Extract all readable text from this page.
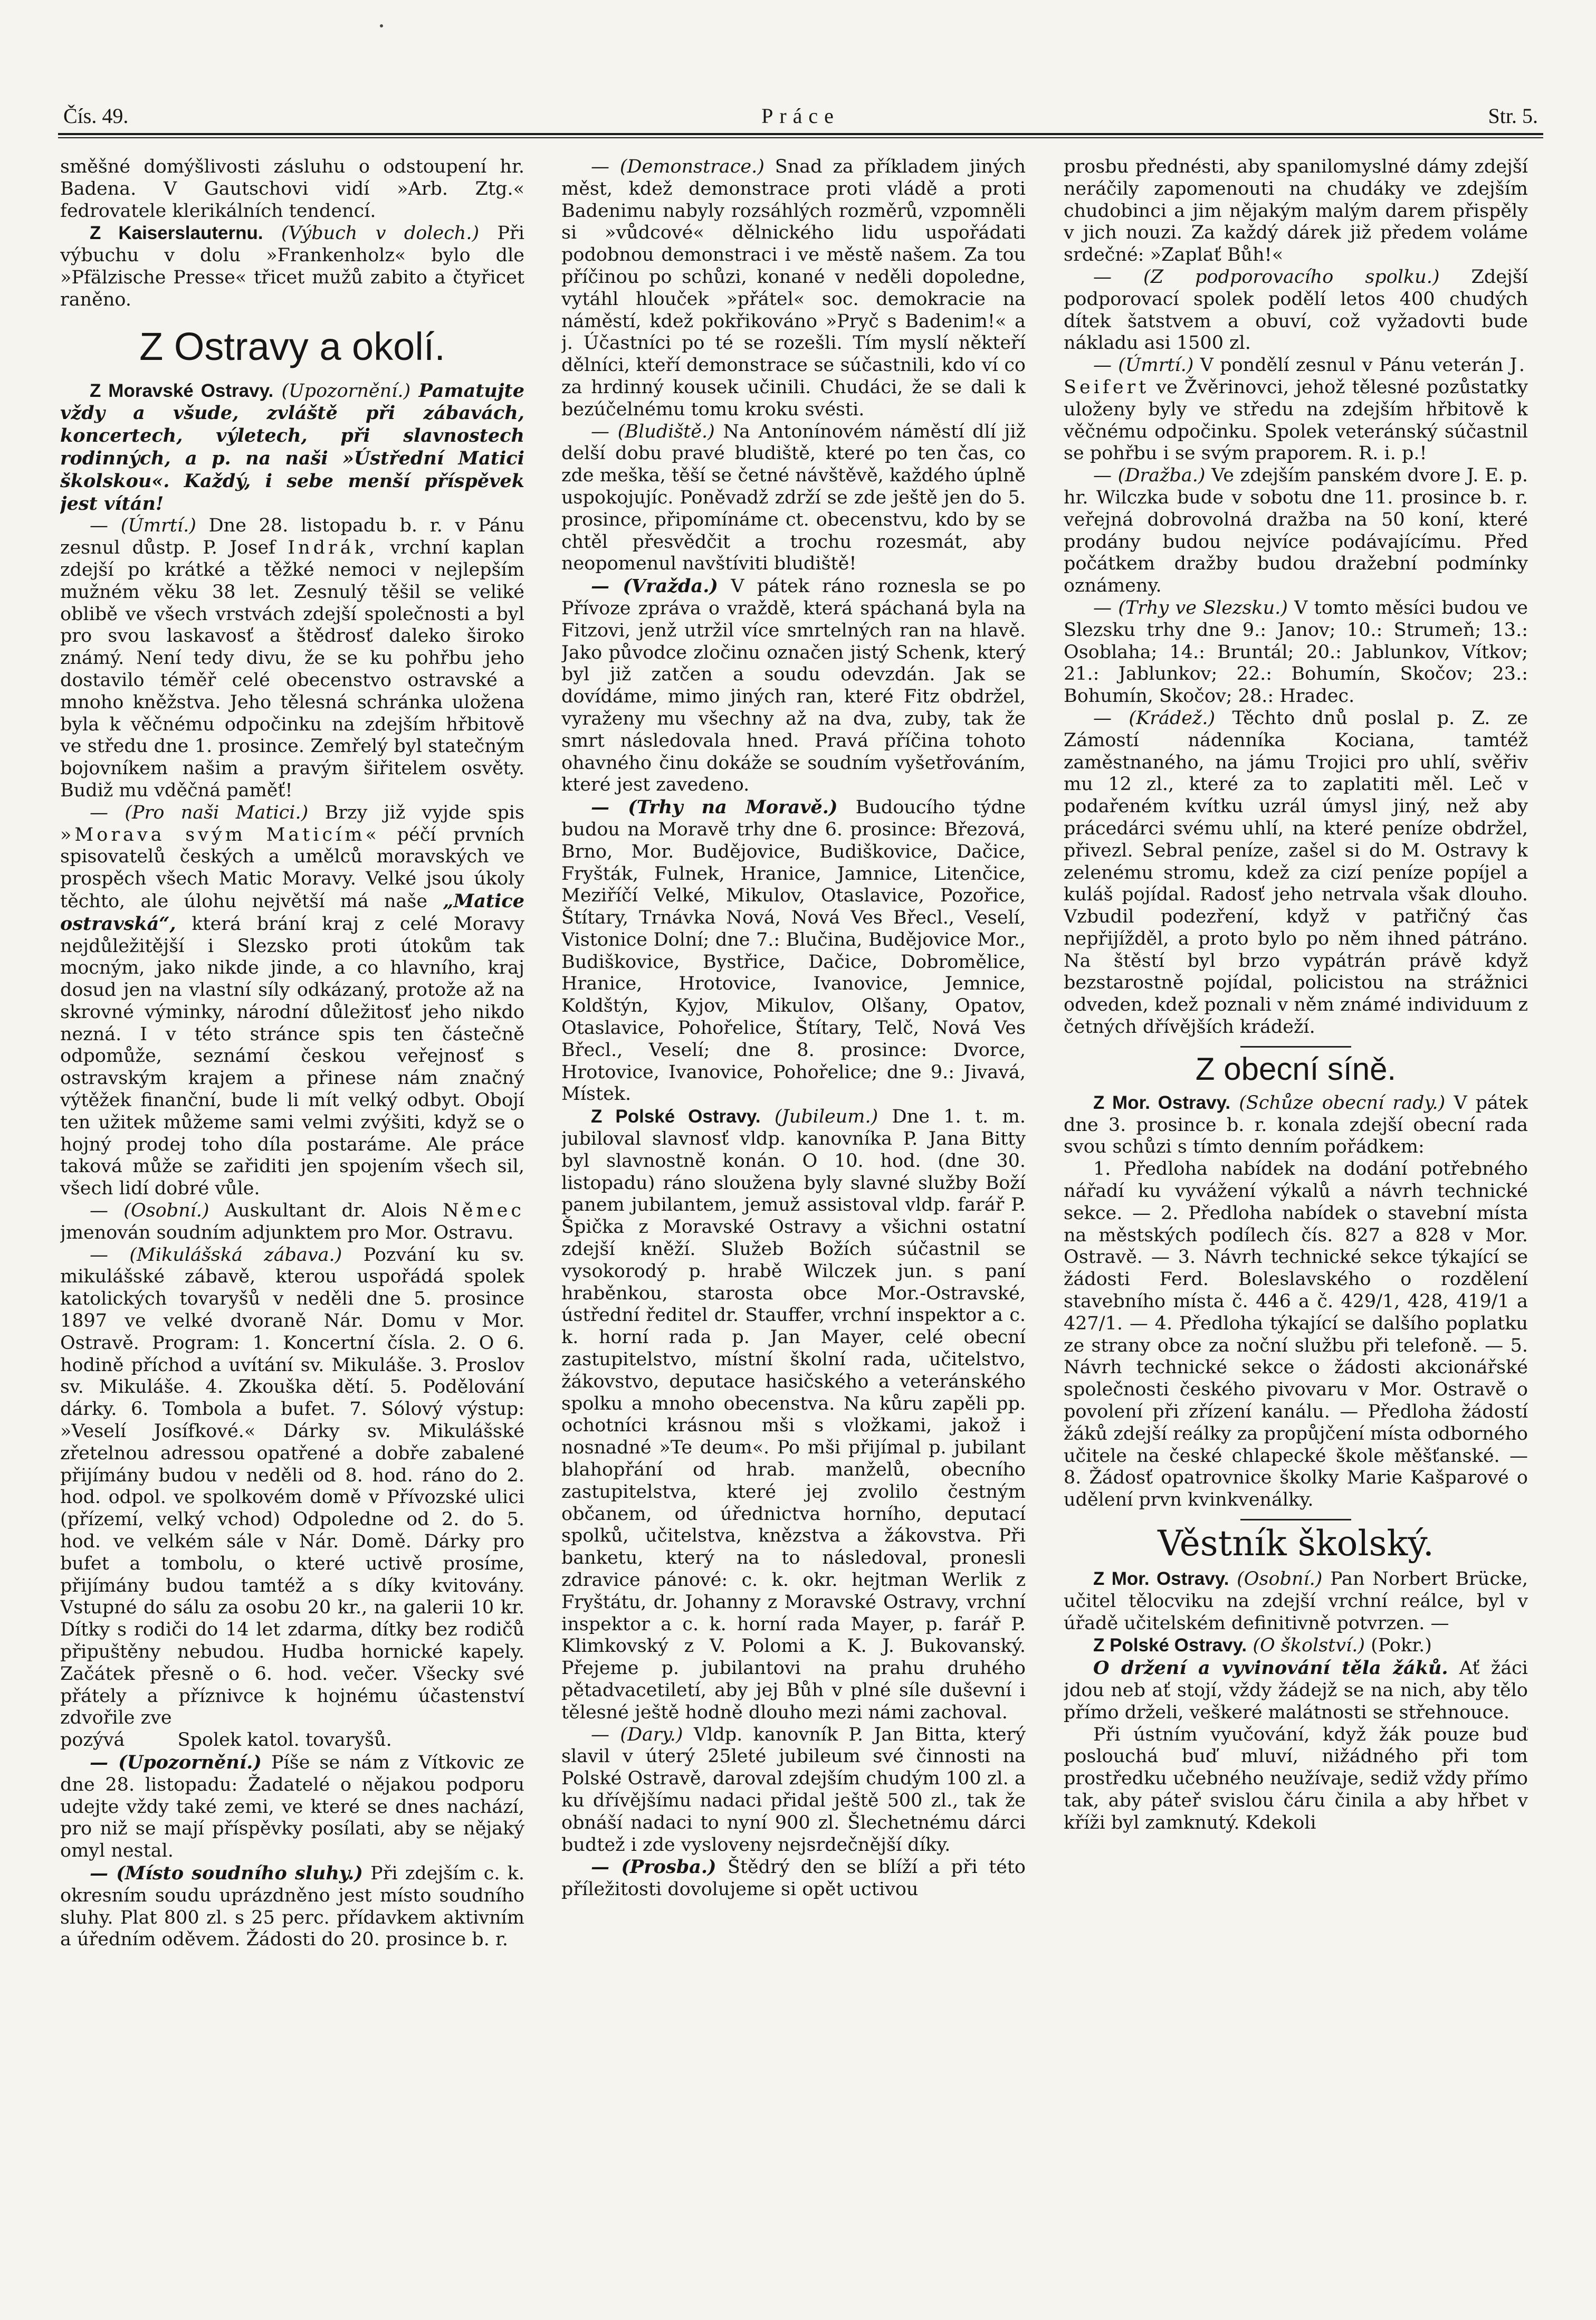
Čís. 49.	Práce	Str. 5.

směšné domýšlivosti zásluhu o odstoupení hr. Badena. V Gautschovi vidí »Arb. Ztg.« fedrovatele klerikálních tendencí.

Z Kaiserslauternu. (Výbuch v dolech.) Při výbuchu v dolu »Frankenholz« bylo dle »Pfälzische Presse« třicet mužů zabito a čtyřicet raněno.

Z Ostravy a okolí.

Z Moravské Ostravy. (Upozornění.) Pamatujte vždy a všude, zvláště při zábavách, koncertech, výletech, při slavnostech rodinných, a p. na naši »Ústřední Matici školskou«. Každý, i sebe menší příspěvek jest vítán!

— (Úmrtí.) Dne 28. listopadu b. r. v Pánu zesnul důstp. P. Josef Indrák, vrchní kaplan zdejší po krátké a těžké nemoci v nejlepším mužném věku 38 let. Zesnulý těšil se veliké oblibě ve všech vrstvách zdejší společnosti a byl pro svou laskavosť a štědrosť daleko široko známý. Není tedy divu, že se ku pohřbu jeho dostavilo téměř celé obecenstvo ostravské a mnoho kněžstva. Jeho tělesná schránka uložena byla k věčnému odpočinku na zdejším hřbitově ve středu dne 1. prosince. Zemřelý byl statečným bojovníkem našim a pravým šiřitelem osvěty. Budiž mu vděčná paměť!

— (Pro naši Matici.) Brzy již vyjde spis »Morava svým Maticím« péčí prvních spisovatelů českých a umělců moravských ve prospěch všech Matic Moravy. Velké jsou úkoly těchto, ale úlohu největší má naše „Matice ostravská“, která brání kraj z celé Moravy nejdůležitější i Slezsko proti útokům tak mocným, jako nikde jinde, a co hlavního, kraj dosud jen na vlastní síly odkázaný, protože až na skrovné výminky, národní důležitosť jeho nikdo nezná. I v této stránce spis ten částečně odpomůže, seznámí českou veřejnosť s ostravským krajem a přinese nám značný výtěžek finanční, bude li mít velký odbyt. Obojí ten užitek můžeme sami velmi zvýšiti, když se o hojný prodej toho díla postaráme. Ale práce taková může se zařiditi jen spojením všech sil, všech lidí dobré vůle.

— (Osobní.) Auskultant dr. Alois Němec jmenován soudním adjunktem pro Mor. Ostravu.

— (Mikulášská zábava.) Pozvání ku sv. mikulášské zábavě, kterou uspořádá spolek katolických tovaryšů v neděli dne 5. prosince 1897 ve velké dvoraně Nár. Domu v Mor. Ostravě. Program: 1. Koncertní čísla. 2. O 6. hodině příchod a uvítání sv. Mikuláše. 3. Proslov sv. Mikuláše. 4. Zkouška dětí. 5. Podělování dárky. 6. Tombola a bufet. 7. Sólový výstup: »Veselí Josífkové.« Dárky sv. Mikulášské zřetelnou adressou opatřené a dobře zabalené přijímány budou v neděli od 8. hod. ráno do 2. hod. odpol. ve spolkovém domě v Přívozské ulici (přízemí, velký vchod) Odpoledne od 2. do 5. hod. ve velkém sále v Nár. Domě. Dárky pro bufet a tombolu, o které uctivě prosíme, přijímány budou tamtéž a s díky kvitovány. Vstupné do sálu za osobu 20 kr., na galerii 10 kr. Dítky s rodiči do 14 let zdarma, dítky bez rodičů připuštěny nebudou. Hudba hornické kapely. Začátek přesně o 6. hod. večer. Všecky své přátely a příznivce k hojnému účastenství zdvořile zve

pozývá	Spolek katol. tovaryšů.

— (Upozornění.) Píše se nám z Vítkovic ze dne 28. listopadu: Žadatelé o nějakou podporu udejte vždy také zemi, ve které se dnes nachází, pro niž se mají příspěvky posílati, aby se nějaký omyl nestal.

— (Místo soudního sluhy.) Při zdejším c. k. okresním soudu uprázdněno jest místo soudního sluhy. Plat 800 zl. s 25 perc. přídavkem aktivním a úředním oděvem. Žádosti do 20. prosince b. r.

— (Demonstrace.) Snad za příkladem jiných měst, kdež demonstrace proti vládě a proti Badenimu nabyly rozsáhlých rozměrů, vzpomněli si »vůdcové« dělnického lidu uspořádati podobnou demonstraci i ve městě našem. Za tou příčinou po schůzi, konané v neděli dopoledne, vytáhl hlouček »přátel« soc. demokracie na náměstí, kdež pokřikováno »Pryč s Badenim!« a j. Účastníci po té se rozešli. Tím myslí někteří dělníci, kteří demonstrace se súčastnili, kdo ví co za hrdinný kousek učinili. Chudáci, že se dali k bezúčelnému tomu kroku svésti.

— (Bludiště.) Na Antonínovém náměstí dlí již delší dobu pravé bludiště, které po ten čas, co zde meška, těší se četné návštěvě, každého úplně uspokojujíc. Poněvadž zdrží se zde ještě jen do 5. prosince, připomínáme ct. obecenstvu, kdo by se chtěl přesvědčit a trochu rozesmát, aby neopomenul navštíviti bludiště!

— (Vražda.) V pátek ráno roznesla se po Přívoze zpráva o vraždě, která spáchaná byla na Fitzovi, jenž utržil více smrtelných ran na hlavě. Jako původce zločinu označen jistý Schenk, který byl již zatčen a soudu odevzdán. Jak se dovídáme, mimo jiných ran, které Fitz obdržel, vyraženy mu všechny až na dva, zuby, tak že smrt následovala hned. Pravá příčina tohoto ohavného činu dokáže se soudním vyšetřováním, které jest zavedeno.

— (Trhy na Moravě.) Budoucího týdne budou na Moravě trhy dne 6. prosince: Březová, Brno, Mor. Budějovice, Budiškovice, Dačice, Fryšták, Fulnek, Hranice, Jamnice, Litenčice, Meziříčí Velké, Mikulov, Otaslavice, Pozořice, Štítary, Trnávka Nová, Nová Ves Břecl., Veselí, Vistonice Dolní; dne 7.: Blučina, Budějovice Mor., Budiškovice, Bystřice, Dačice, Dobromělice, Hranice, Hrotovice, Ivanovice, Jemnice, Koldštýn, Kyjov, Mikulov, Olšany, Opatov, Otaslavice, Pohořelice, Štítary, Telč, Nová Ves Břecl., Veselí; dne 8. prosince: Dvorce, Hrotovice, Ivanovice, Pohořelice; dne 9.: Jivavá, Místek.

Z Polské Ostravy. (Jubileum.) Dne 1. t. m. jubiloval slavnosť vldp. kanovníka P. Jana Bitty byl slavnostně konán. O 10. hod. (dne 30. listopadu) ráno sloužena byly slavné služby Boží panem jubilantem, jemuž assistoval vldp. farář P. Špička z Moravské Ostravy a všichni ostatní zdejší kněží. Služeb Božích súčastnil se vysokorodý p. hrabě Wilczek jun. s paní hraběnkou, starosta obce Mor.-Ostravské, ústřední ředitel dr. Stauffer, vrchní inspektor a c. k. horní rada p. Jan Mayer, celé obecní zastupitelstvo, místní školní rada, učitelstvo, žákovstvo, deputace hasičského a veteránského spolku a mnoho obecenstva. Na kůru zapěli pp. ochotníci krásnou mši s vložkami, jakož i nosnadné »Te deum«. Po mši přijímal p. jubilant blahopřání od hrab. manželů, obecního zastupitelstva, které jej zvolilo čestným občanem, od úřednictva horního, deputací spolků, učitelstva, knězstva a žákovstva. Při banketu, který na to následoval, pronesli zdravice pánové: c. k. okr. hejtman Werlik z Fryštátu, dr. Johanny z Moravské Ostravy, vrchní inspektor a c. k. horní rada Mayer, p. farář P. Klimkovský z V. Polomi a K. J. Bukovanský. Přejeme p. jubilantovi na prahu druhého pětadvacetiletí, aby jej Bůh v plné síle duševní i tělesné ještě hodně dlouho mezi námi zachoval.

— (Dary.) Vldp. kanovník P. Jan Bitta, který slavil v úterý 25leté jubileum své činnosti na Polské Ostravě, daroval zdejším chudým 100 zl. a ku dřívějšímu nadaci přidal ještě 500 zl., tak že obnáší nadaci to nyní 900 zl. Šlechetnému dárci budtež i zde vysloveny nejsrdečnější díky.

— (Prosba.) Štědrý den se blíží a při této příležitosti dovolujeme si opět uctivou

prosbu přednésti, aby spanilomyslné dámy zdejší neráčily zapomenouti na chudáky ve zdejším chudobinci a jim nějakým malým darem přispěly v jich nouzi. Za každý dárek již předem voláme srdečné: »Zaplať Bůh!«

— (Z podporovacího spolku.) Zdejší podporovací spolek podělí letos 400 chudých dítek šatstvem a obuví, což vyžadovti bude nákladu asi 1500 zl.

— (Úmrtí.) V pondělí zesnul v Pánu veterán J. Seifert ve Žvěrinovci, jehož tělesné pozůstatky uloženy byly ve středu na zdejším hřbitově k věčnému odpočinku. Spolek veteránský súčastnil se pohřbu i se svým praporem. R. i. p.!

— (Dražba.) Ve zdejším panském dvore J. E. p. hr. Wilczka bude v sobotu dne 11. prosince b. r. veřejná dobrovolná dražba na 50 koní, které prodány budou nejvíce podávajícímu. Před počátkem dražby budou dražební podmínky oznámeny.

— (Trhy ve Slezsku.) V tomto měsíci budou ve Slezsku trhy dne 9.: Janov; 10.: Strumeň; 13.: Osoblaha; 14.: Bruntál; 20.: Jablunkov, Vítkov; 21.: Jablunkov; 22.: Bohumín, Skočov; 23.: Bohumín, Skočov; 28.: Hradec.

— (Krádež.) Těchto dnů poslal p. Z. ze Zámostí nádenníka Kociana, tamtéž zaměstnaného, na jámu Trojici pro uhlí, svěřiv mu 12 zl., které za to zaplatiti měl. Leč v podařeném kvítku uzrál úmysl jiný, než aby prácedárci svému uhlí, na které peníze obdržel, přivezl. Sebral peníze, zašel si do M. Ostravy k zelenému stromu, kdež za cizí peníze popíjel a kuláš pojídal. Radosť jeho netrvala však dlouho. Vzbudil podezření, když v patřičný čas nepřijížděl, a proto bylo po něm ihned pátráno. Na štěstí byl brzo vypátrán právě když bezstarostně pojídal, policistou na strážnici odveden, kdež poznali v něm známé individuum z četných dřívějších krádeží.

Z obecní síně.

Z Mor. Ostravy. (Schůze obecní rady.) V pátek dne 3. prosince b. r. konala zdejší obecní rada svou schůzi s tímto denním pořádkem:

1. Předloha nabídek na dodání potřebného nářadí ku vyvážení výkalů a návrh technické sekce. — 2. Předloha nabídek o stavební místa na městských podílech čís. 827 a 828 v Mor. Ostravě. — 3. Návrh technické sekce týkající se žádosti Ferd. Boleslavského o rozdělení stavebního místa č. 446 a č. 429/1, 428, 419/1 a 427/1. — 4. Předloha týkající se dalšího poplatku ze strany obce za noční službu při telefoně. — 5. Návrh technické sekce o žádosti akcionářské společnosti českého pivovaru v Mor. Ostravě o povolení při zřízení kanálu. — Předloha žádostí žáků zdejší reálky za propůjčení místa odborného učitele na české chlapecké škole měšťanské. — 8. Žádosť opatrovnice školky Marie Kašparové o udělení prvn kvinkvenálky.

Věstník školský.

Z Mor. Ostravy. (Osobní.) Pan Norbert Brücke, učitel tělocviku na zdejší vrchní reálce, byl v úřadě učitelském definitivně potvrzen. —

Z Polské Ostravy. (O školství.) (Pokr.)

O držení a vyvinování těla žáků. Ať žáci jdou neb ať stojí, vždy žádejž se na nich, aby tělo přímo drželi, veškeré malátnosti se střehnouce.

Při ústním vyučování, když žák pouze buď poslouchá buď mluví, nižádného při tom prostředku učebného neužívaje, sediž vždy přímo tak, aby páteř svislou čáru činila a aby hřbet v kříži byl zamknutý. Kdekoli
